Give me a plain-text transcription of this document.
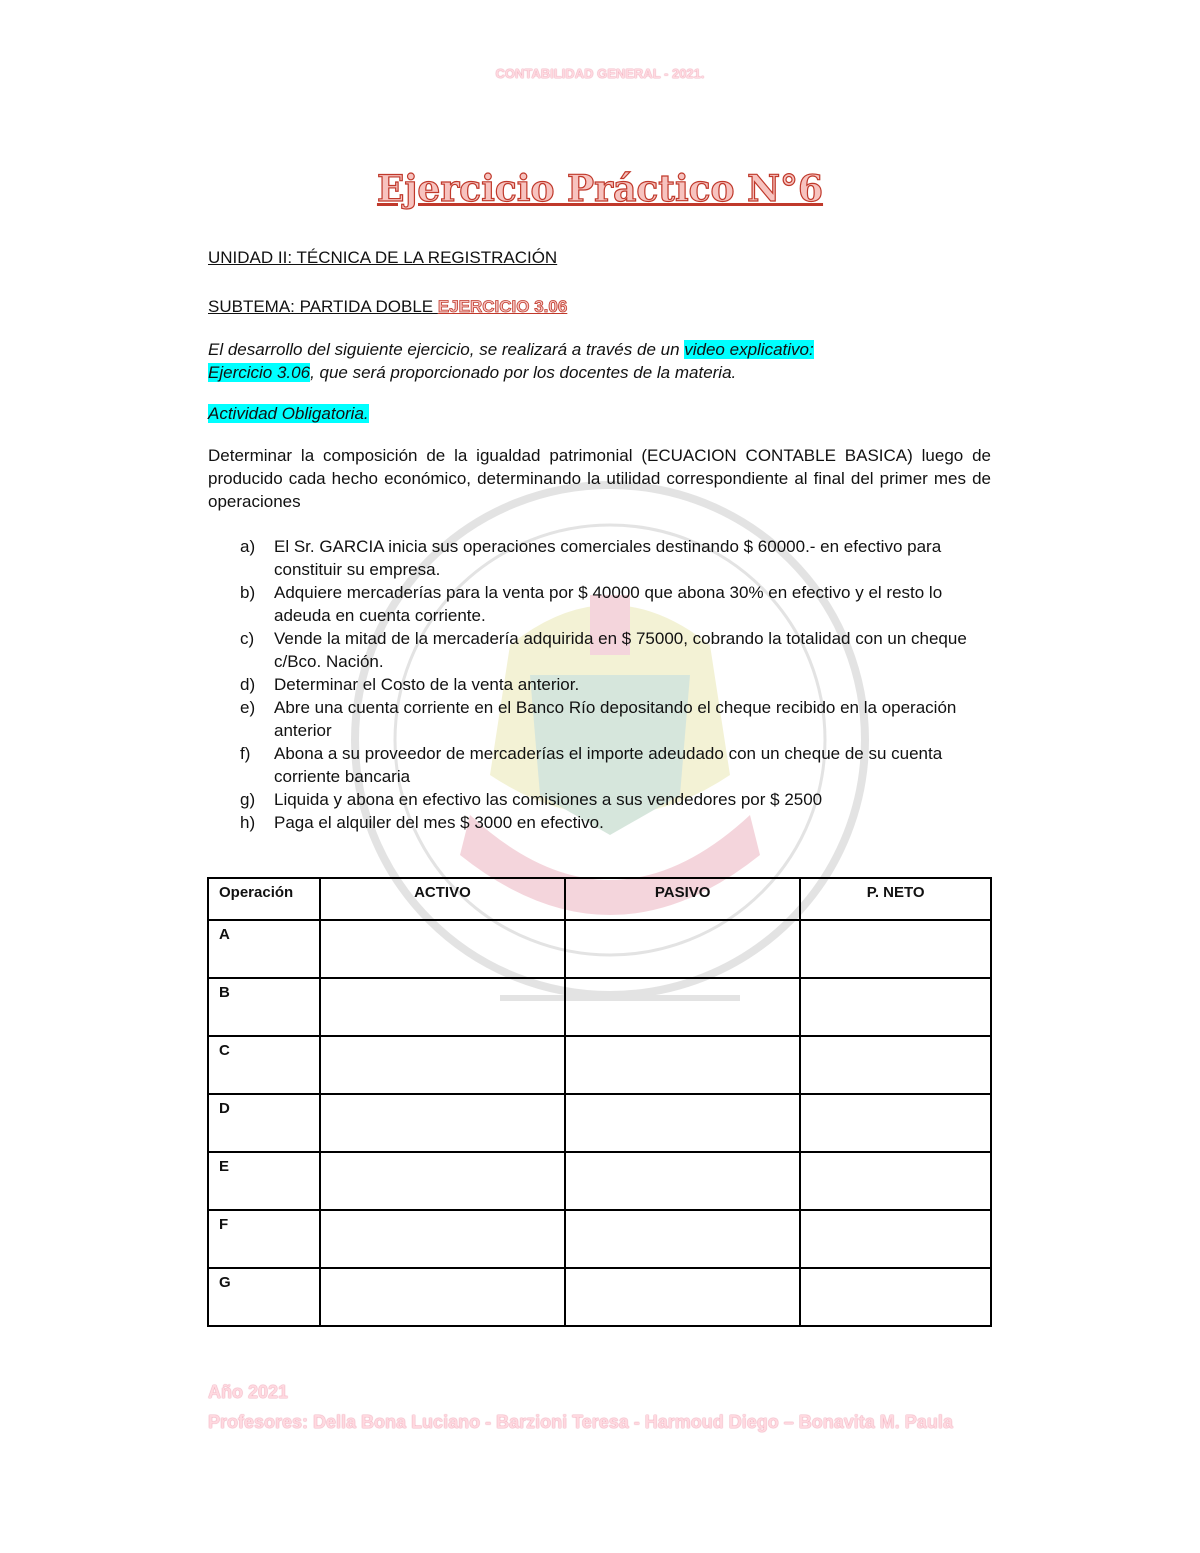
CONTABILIDAD GENERAL - 2021.
Ejercicio Práctico N°6
UNIDAD II: TÉCNICA DE LA REGISTRACIÓN
SUBTEMA: PARTIDA DOBLE EJERCICIO 3.06
El desarrollo del siguiente ejercicio, se realizará a través de un video explicativo:
Ejercicio 3.06, que será proporcionado por los docentes de la materia.
Actividad Obligatoria.
Determinar la composición de la igualdad patrimonial (ECUACION CONTABLE BASICA) luego de producido cada hecho económico, determinando la utilidad correspondiente al final del primer mes de operaciones
a) El Sr. GARCIA inicia sus operaciones comerciales destinando $ 60000.- en efectivo para constituir su empresa.
b) Adquiere mercaderías para la venta por $ 40000 que abona 30% en efectivo y el resto lo adeuda en cuenta corriente.
c) Vende la mitad de la mercadería adquirida en $ 75000, cobrando la totalidad con un cheque c/Bco. Nación.
d) Determinar el Costo de la venta anterior.
e) Abre una cuenta corriente en el Banco Río depositando el cheque recibido en la operación anterior
f) Abona a su proveedor de mercaderías el importe adeudado con un cheque de su cuenta corriente bancaria
g) Liquida y abona en efectivo las comisiones a sus vendedores por $ 2500
h) Paga el alquiler del mes $ 3000 en efectivo.
Operación	ACTIVO	PASIVO	P. NETO
A			
B			
C			
D			
E			
F			
G			
Año 2021
Profesores: Della Bona Luciano - Barzioni Teresa - Harmoud Diego – Bonavita M. Paula
